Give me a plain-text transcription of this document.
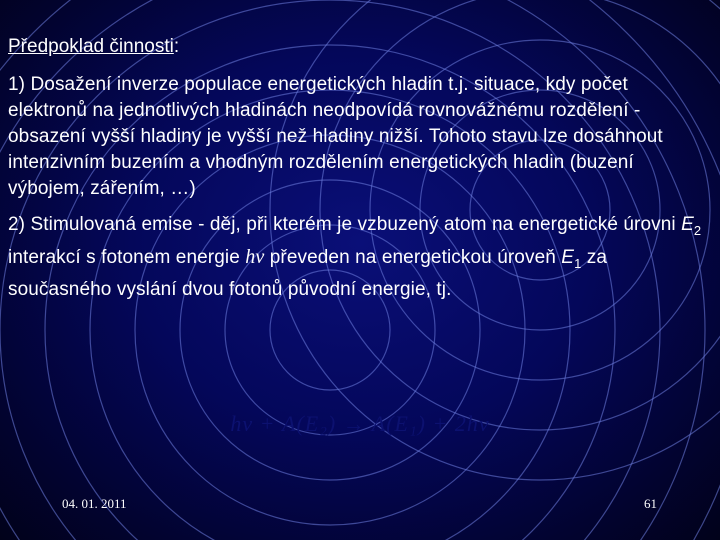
Předpoklad činnosti:
1) Dosažení inverze populace energetických hladin t.j. situace, kdy počet elektronů na jednotlivých hladinách neodpovídá rovnovážnému rozdělení - obsazení vyšší hladiny je vyšší než hladiny nižší. Tohoto stavu lze dosáhnout intenzivním buzením a vhodným rozdělením energetických hladin (buzení výbojem, zářením, …)
2) Stimulovaná emise - děj, při kterém je vzbuzený atom na energetické úrovni $E_2$ interakcí s fotonem energie hν převeden na energetickou úroveň $E_1$ za současného vyslání dvou fotonů původní energie, tj.
hν + A(E₂) → A(E₁) + 2hν
04. 01. 2011	61
